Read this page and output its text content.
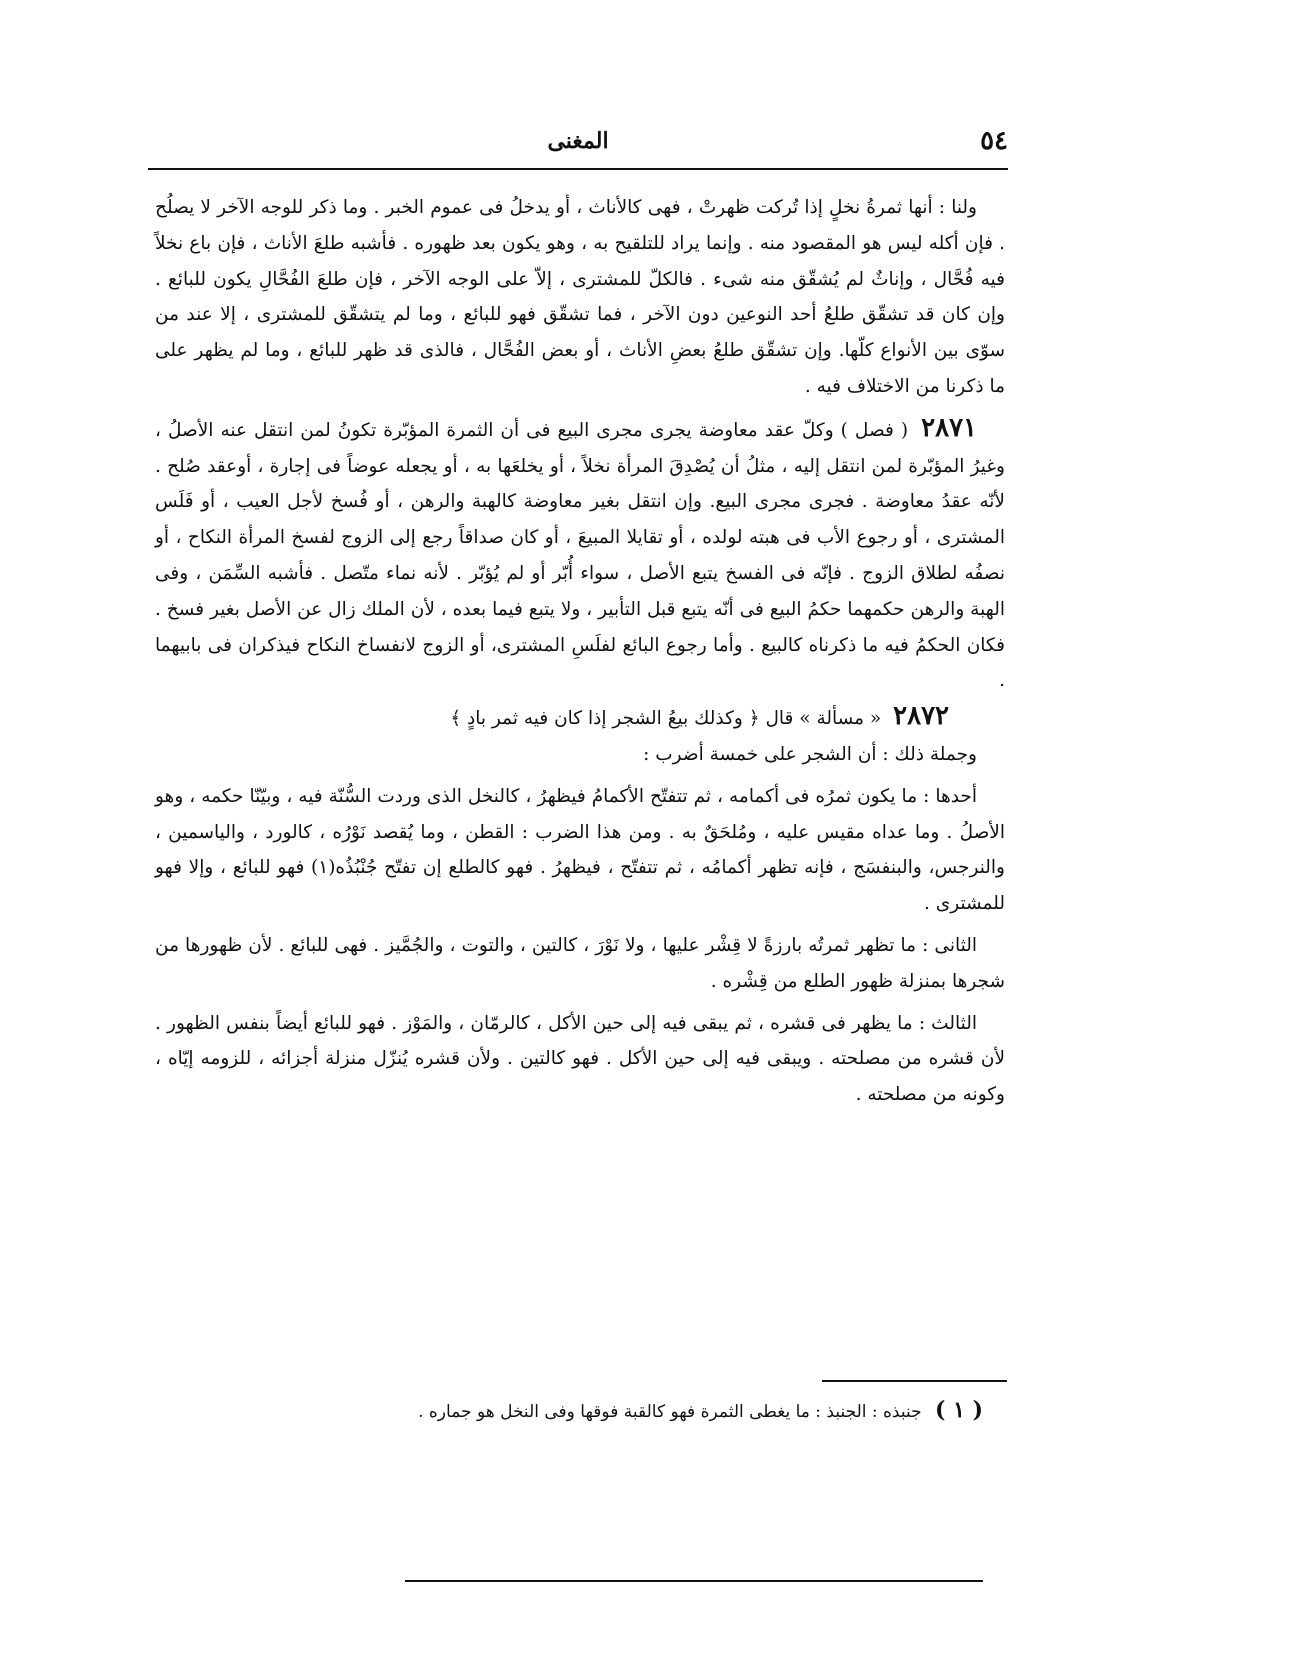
٥٤
المغنى

ولنا : أنها ثمرةُ نخلٍ إذا تُركت ظهرتْ ، فهى كالأناث ، أو يدخلُ فى عموم الخبر . وما ذكر للوجه الآخر لا يصلُح . فإن أكله ليس هو المقصود منه . وإنما يراد للتلقيح به ، وهو يكون بعد ظهوره . فأشبه طلعَ الأناث ، فإن باع نخلاً فيه فُحَّال ، وإناثٌ لم يُشقّق منه شىء . فالكلّ للمشترى ، إلاّ على الوجه الآخر ، فإن طلعَ الفُحَّالِ يكون للبائع . وإن كان قد تشقّق طلعُ أحد النوعين دون الآخر ، فما تشقّق فهو للبائع ، وما لم يتشقّق للمشترى ، إلا عند من سوّى بين الأنواع كلّها. وإن تشقّق طلعُ بعضِ الأناث ، أو بعض الفُحَّال ، فالذى قد ظهر للبائع ، وما لم يظهر على ما ذكرنا من الاختلاف فيه .

٢٨٧١ ( فصل ) وكلّ عقد معاوضة يجرى مجرى البيع فى أن الثمرة المؤبّرة تكونُ لمن انتقل عنه الأصلُ ، وغيرُ المؤبّرة لمن انتقل إليه ، مثلُ أن يُصْدِقَ المرأة نخلاً ، أو يخلعَها به ، أو يجعله عوضاً فى إجارة ، أوعقد صُلح . لأنّه عقدُ معاوضة . فجرى مجرى البيع. وإن انتقل بغير معاوضة كالهبة والرهن ، أو فُسخ لأجل العيب ، أو فَلَس المشترى ، أو رجوع الأب فى هبته لولده ، أو تقايلا المبيعَ ، أو كان صداقاً رجع إلى الزوج لفسخ المرأة النكاح ، أو نصفُه لطلاق الزوج . فإنّه فى الفسخ يتبع الأصل ، سواء أُبّر أو لم يُؤبّر . لأنه نماء متّصل . فأشبه السِّمَن ، وفى الهبة والرهن حكمهما حكمُ البيع فى أنّه يتبع قبل التأبير ، ولا يتبع فيما بعده ، لأن الملك زال عن الأصل بغير فسخ . فكان الحكمُ فيه ما ذكرناه كالبيع . وأما رجوع البائع لفلَسِ المشترى، أو الزوج لانفساخ النكاح فيذكران فى بابيهما .

٢٨٧٢ « مسألة » قال ﴿ وكذلك بيعُ الشجر إذا كان فيه ثمر بادٍ ﴾

وجملة ذلك : أن الشجر على خمسة أضرب :

أحدها : ما يكون ثمرُه فى أكمامه ، ثم تتفتّح الأكمامُ فيظهرُ ، كالنخل الذى وردت السُّنّة فيه ، وبيّنّا حكمه ، وهو الأصلُ . وما عداه مقيس عليه ، ومُلحَقٌ به . ومن هذا الضرب : القطن ، وما يُقصد نَوْرُه ، كالورد ، والياسمين ، والنرجس، والبنفسَج ، فإنه تظهر أكمامُه ، ثم تتفتّح ، فيظهرُ . فهو كالطلع إن تفتّح جُنْبُذُه(١) فهو للبائع ، وإلا فهو للمشترى .

الثانى : ما تظهر ثمرتُه بارزةً لا قِشْر عليها ، ولا نَوْرَ ، كالتين ، والتوت ، والجُمَّيز . فهى للبائع . لأن ظهورها من شجرها بمنزلة ظهور الطلع من قِشْره .

الثالث : ما يظهر فى قشره ، ثم يبقى فيه إلى حين الأكل ، كالرمّان ، والمَوْز . فهو للبائع أيضاً بنفس الظهور . لأن قشره من مصلحته . ويبقى فيه إلى حين الأكل . فهو كالتين . ولأن قشره يُنزّل منزلة أجزائه ، للزومه إيّاه ، وكونه من مصلحته .

( ١ ) جنبذه : الجنبذ : ما يغطى الثمرة فهو كالقبة فوقها وفى النخل هو جماره .
